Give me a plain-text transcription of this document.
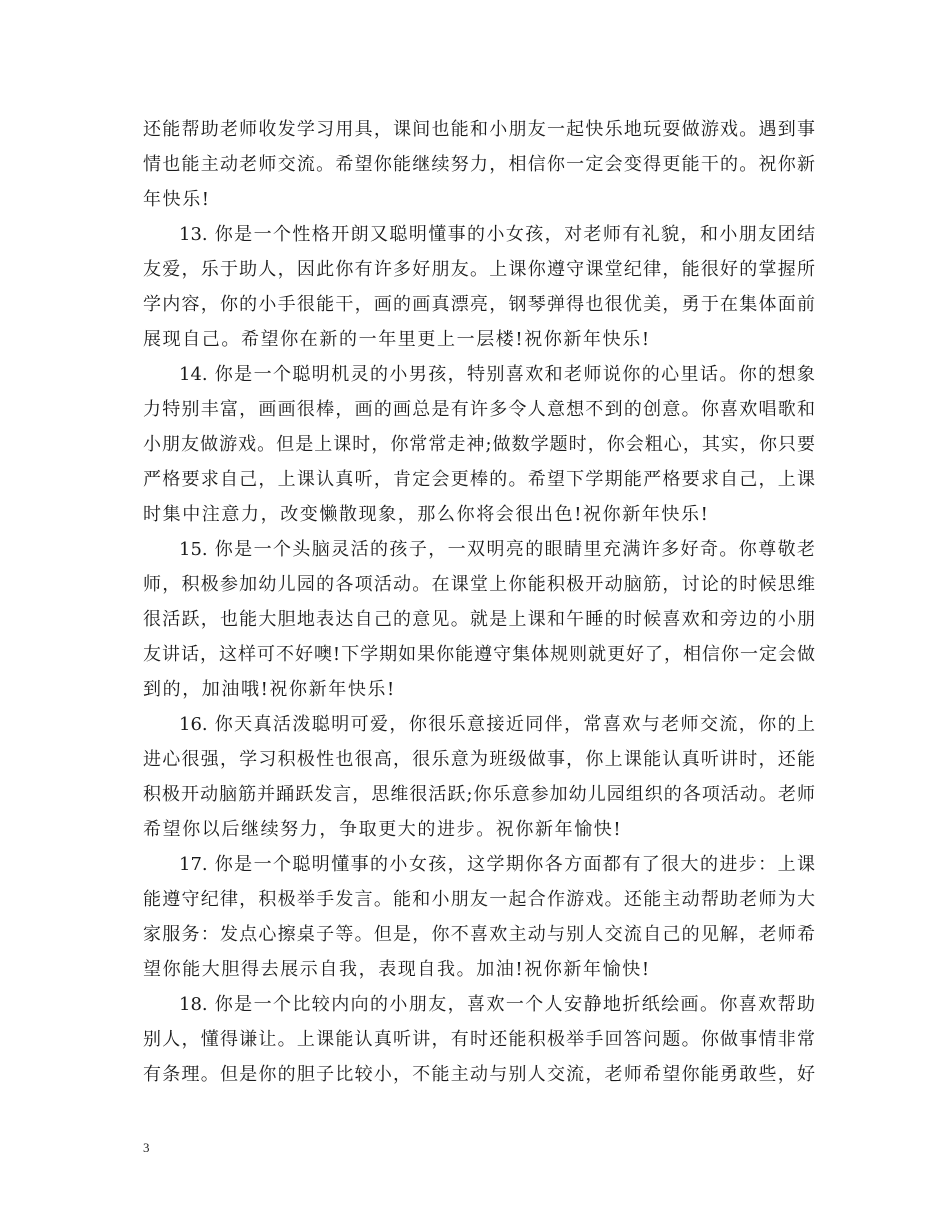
还能帮助老师收发学习用具，课间也能和小朋友一起快乐地玩耍做游戏。遇到事
情也能主动老师交流。希望你能继续努力，相信你一定会变得更能干的。祝你新
年快乐!
13. 你是一个性格开朗又聪明懂事的小女孩，对老师有礼貌，和小朋友团结
友爱，乐于助人，因此你有许多好朋友。上课你遵守课堂纪律，能很好的掌握所
学内容，你的小手很能干，画的画真漂亮，钢琴弹得也很优美，勇于在集体面前
展现自己。希望你在新的一年里更上一层楼!祝你新年快乐!
14. 你是一个聪明机灵的小男孩，特别喜欢和老师说你的心里话。你的想象
力特别丰富，画画很棒，画的画总是有许多令人意想不到的创意。你喜欢唱歌和
小朋友做游戏。但是上课时，你常常走神;做数学题时，你会粗心，其实，你只要
严格要求自己，上课认真听，肯定会更棒的。希望下学期能严格要求自己，上课
时集中注意力，改变懒散现象，那么你将会很出色!祝你新年快乐!
15. 你是一个头脑灵活的孩子，一双明亮的眼睛里充满许多好奇。你尊敬老
师，积极参加幼儿园的各项活动。在课堂上你能积极开动脑筋，讨论的时候思维
很活跃，也能大胆地表达自己的意见。就是上课和午睡的时候喜欢和旁边的小朋
友讲话，这样可不好噢!下学期如果你能遵守集体规则就更好了，相信你一定会做
到的，加油哦!祝你新年快乐!
16. 你天真活泼聪明可爱，你很乐意接近同伴，常喜欢与老师交流，你的上
进心很强，学习积极性也很高，很乐意为班级做事，你上课能认真听讲时，还能
积极开动脑筋并踊跃发言，思维很活跃;你乐意参加幼儿园组织的各项活动。老师
希望你以后继续努力，争取更大的进步。祝你新年愉快!
17. 你是一个聪明懂事的小女孩，这学期你各方面都有了很大的进步：上课
能遵守纪律，积极举手发言。能和小朋友一起合作游戏。还能主动帮助老师为大
家服务：发点心擦桌子等。但是，你不喜欢主动与别人交流自己的见解，老师希
望你能大胆得去展示自我，表现自我。加油!祝你新年愉快!
18. 你是一个比较内向的小朋友，喜欢一个人安静地折纸绘画。你喜欢帮助
别人，懂得谦让。上课能认真听讲，有时还能积极举手回答问题。你做事情非常
有条理。但是你的胆子比较小，不能主动与别人交流，老师希望你能勇敢些，好
3
